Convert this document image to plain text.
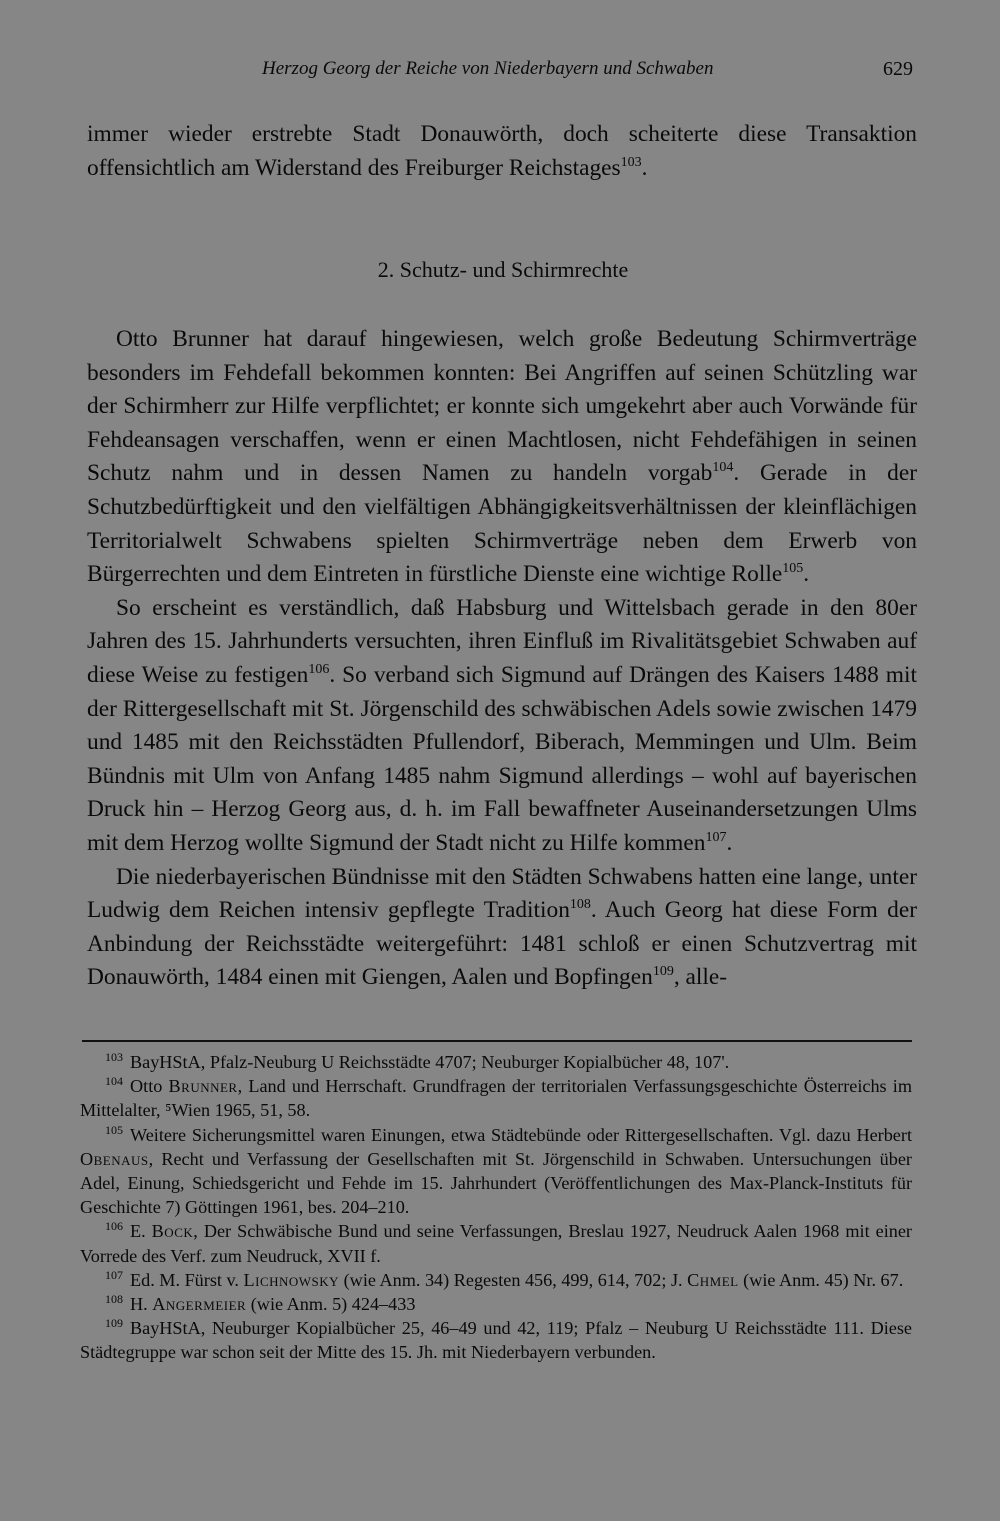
Herzog Georg der Reiche von Niederbayern und Schwaben	629

immer wieder erstrebte Stadt Donauwörth, doch scheiterte diese Transaktion offensichtlich am Widerstand des Freiburger Reichstages$^{103}$.

2. Schutz- und Schirmrechte

Otto Brunner hat darauf hingewiesen, welch große Bedeutung Schirmverträge besonders im Fehdefall bekommen konnten: Bei Angriffen auf seinen Schützling war der Schirmherr zur Hilfe verpflichtet; er konnte sich umgekehrt aber auch Vorwände für Fehdeansagen verschaffen, wenn er einen Machtlosen, nicht Fehdefähigen in seinen Schutz nahm und in dessen Namen zu handeln vorgab$^{104}$. Gerade in der Schutzbedürftigkeit und den vielfältigen Abhängigkeitsverhältnissen der kleinflächigen Territorialwelt Schwabens spielten Schirmverträge neben dem Erwerb von Bürgerrechten und dem Eintreten in fürstliche Dienste eine wichtige Rolle$^{105}$.

So erscheint es verständlich, daß Habsburg und Wittelsbach gerade in den 80er Jahren des 15. Jahrhunderts versuchten, ihren Einfluß im Rivalitätsgebiet Schwaben auf diese Weise zu festigen$^{106}$. So verband sich Sigmund auf Drängen des Kaisers 1488 mit der Rittergesellschaft mit St. Jörgenschild des schwäbischen Adels sowie zwischen 1479 und 1485 mit den Reichsstädten Pfullendorf, Biberach, Memmingen und Ulm. Beim Bündnis mit Ulm von Anfang 1485 nahm Sigmund allerdings – wohl auf bayerischen Druck hin – Herzog Georg aus, d. h. im Fall bewaffneter Auseinandersetzungen Ulms mit dem Herzog wollte Sigmund der Stadt nicht zu Hilfe kommen$^{107}$.

Die niederbayerischen Bündnisse mit den Städten Schwabens hatten eine lange, unter Ludwig dem Reichen intensiv gepflegte Tradition$^{108}$. Auch Georg hat diese Form der Anbindung der Reichsstädte weitergeführt: 1481 schloß er einen Schutzvertrag mit Donauwörth, 1484 einen mit Giengen, Aalen und Bopfingen$^{109}$, alle-

$^{103}$ BayHStA, Pfalz-Neuburg U Reichsstädte 4707; Neuburger Kopialbücher 48, 107'.

$^{104}$ Otto Brunner, Land und Herrschaft. Grundfragen der territorialen Verfassungsgeschichte Österreichs im Mittelalter, ⁵Wien 1965, 51, 58.

$^{105}$ Weitere Sicherungsmittel waren Einungen, etwa Städtebünde oder Rittergesellschaften. Vgl. dazu Herbert Obenaus, Recht und Verfassung der Gesellschaften mit St. Jörgenschild in Schwaben. Untersuchungen über Adel, Einung, Schiedsgericht und Fehde im 15. Jahrhundert (Veröffentlichungen des Max-Planck-Instituts für Geschichte 7) Göttingen 1961, bes. 204–210.

$^{106}$ E. Bock, Der Schwäbische Bund und seine Verfassungen, Breslau 1927, Neudruck Aalen 1968 mit einer Vorrede des Verf. zum Neudruck, XVII f.

$^{107}$ Ed. M. Fürst v. Lichnowsky (wie Anm. 34) Regesten 456, 499, 614, 702; J. Chmel (wie Anm. 45) Nr. 67.

$^{108}$ H. Angermeier (wie Anm. 5) 424–433

$^{109}$ BayHStA, Neuburger Kopialbücher 25, 46–49 und 42, 119; Pfalz – Neuburg U Reichsstädte 111. Diese Städtegruppe war schon seit der Mitte des 15. Jh. mit Niederbayern verbunden.
